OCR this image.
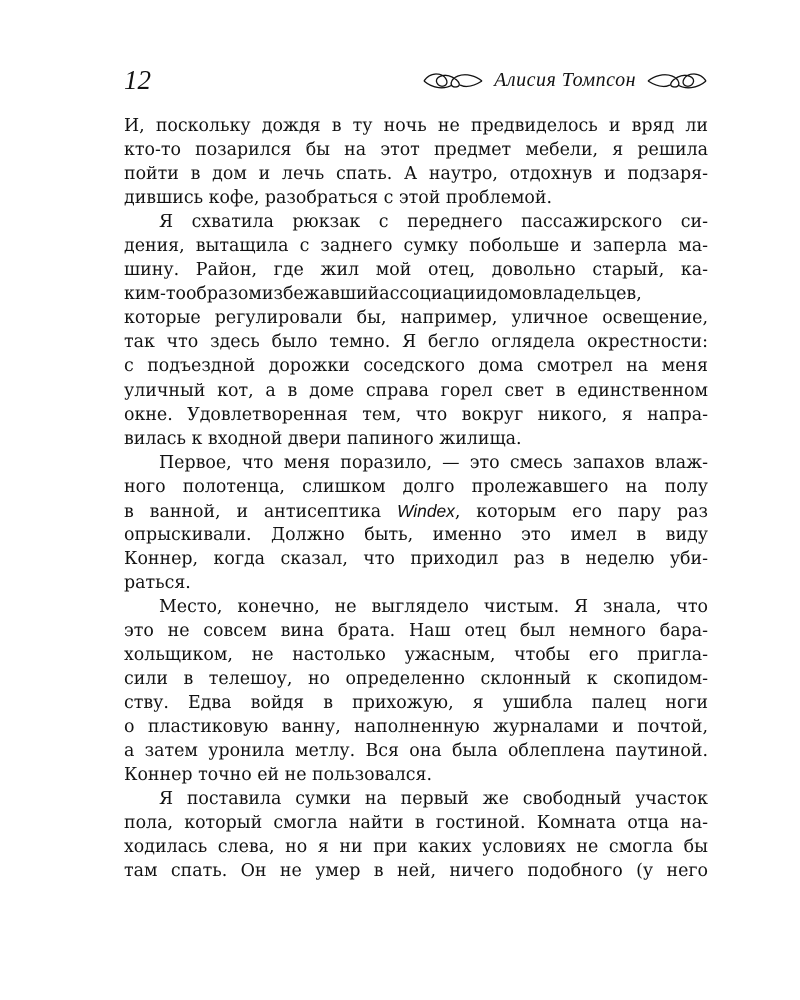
12	Алисия Томпсон
И, поскольку дождя в ту ночь не предвиделось и вряд ли
кто-то позарился бы на этот предмет мебели, я решила
пойти в дом и лечь спать. А наутро, отдохнув и подзаря-
дившись кофе, разобраться с этой проблемой.
Я схватила рюкзак с переднего пассажирского си-
дения, вытащила с заднего сумку побольше и заперла ма-
шину. Район, где жил мой отец, довольно старый, ка-
ким-тообразомизбежавшийассоциациидомовладельцев,
которые регулировали бы, например, уличное освещение,
так что здесь было темно. Я бегло оглядела окрестности:
с подъездной дорожки соседского дома смотрел на меня
уличный кот, а в доме справа горел свет в единственном
окне. Удовлетворенная тем, что вокруг никого, я напра-
вилась к входной двери папиного жилища.
Первое, что меня поразило, — это смесь запахов влаж-
ного полотенца, слишком долго пролежавшего на полу
в ванной, и антисептика Windex, которым его пару раз
опрыскивали. Должно быть, именно это имел в виду
Коннер, когда сказал, что приходил раз в неделю уби-
раться.
Место, конечно, не выглядело чистым. Я знала, что
это не совсем вина брата. Наш отец был немного бара-
хольщиком, не настолько ужасным, чтобы его пригла-
сили в телешоу, но определенно склонный к скопидом-
ству. Едва войдя в прихожую, я ушибла палец ноги
о пластиковую ванну, наполненную журналами и почтой,
а затем уронила метлу. Вся она была облеплена паутиной.
Коннер точно ей не пользовался.
Я поставила сумки на первый же свободный участок
пола, который смогла найти в гостиной. Комната отца на-
ходилась слева, но я ни при каких условиях не смогла бы
там спать. Он не умер в ней, ничего подобного (у него
